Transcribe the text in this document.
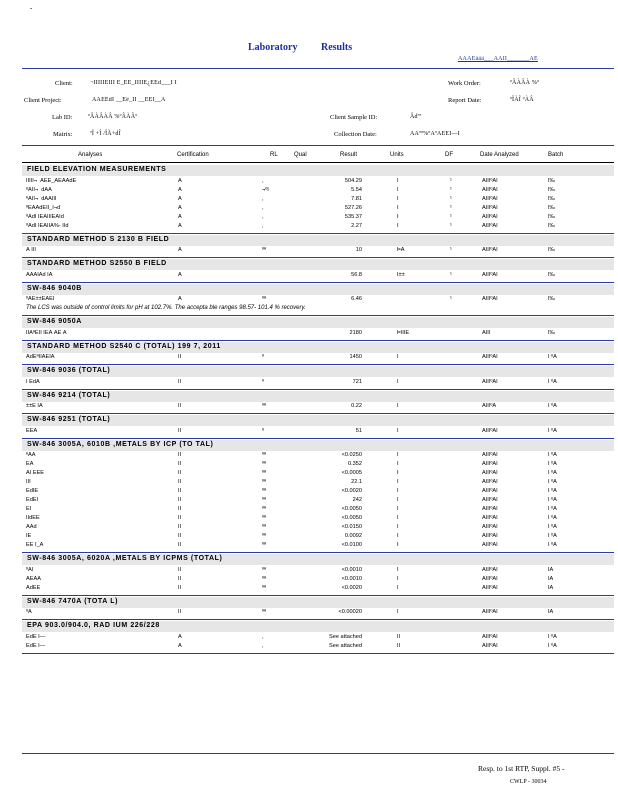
-
Laboratory Results
ÂÂÂÉâââ___ÂÃÎÎ_______ÂÊ
Client:	¬ÎÎÎÎÌÉÎÎÎ Ê_ÊÊ_ÎÎÎÎÉ¿ÈÊd___Î Î
Client Project:	ÂÃÊÊdÎ __Éê_ÎÎ __ÉÈÎ__Â
Lab ID:	ºÂÀÂÀÂ %ºÂÀÂº
Matrix:	ªÎ +Î /ÎÃ+dÎ
Work Order:	ºÂÀÂÀ %º
Report Date:	ºÎÀÎ ºÀÂ
Client Sample ID:	Âdªª
Collection Date:	ÂÀºº%ºÂºÂÈÈÎ—Î
Analyses	Certification	RL	Qual	Result	Units	DF	Date Analyzed	Batch
FIELD ELEVATION MEASUREMENTS
ÎÎÎÎÎ¬¯ÂÈÉ_ÂÊÂÀdÉ	Â	,	504.29	Î	¹	ÀÎÎÎºÀÎ	Î‰
ºÂÎÎ¬¯dÂÂ	Â	¬ºÎ	5.54	Î	¹	ÀÎÎÎºÀÎ	Î‰
ºÂÎÎ¬¯dÂÂÎÎÎ	Â	,	7.81	Î	¹	ÀÎÎÎºÀÎ	Î‰
ºÈÂÂdÉÎÎ_Î¬d	Â	,	527.26	Î	¹	ÀÎÎÎºÀÎ	Î‰
ºÂdÎ ÎÊÀÎÎÎÊÂÎd	Â	,	535.37	Î	¹	ÀÎÎÎºÀÎ	Î‰
ºÂdÎ ÎÊÂÎÎÂ%- ÎÎd	Â	,	2.27	Î	¹	ÀÎÎÎºÀÎ	Î‰
STANDARD METHOD S 2130 B FIELD
Â ÎÎÎ	Â	ºª	10	ÞÂ	¹	ÀÎÎÎºÀÎ	Î‰
STANDARD METHOD S2550 B FIELD
ÂÂÂÎÂd ÎÂ	Â	56.8	Î±±	¹	ÀÎÎÎºÀÎ	Î‰
SW-846 9040B
ºÃÉ±±ÉÂÊÎ	Â	ºª	6.46	¹	ÀÎÎÎºÀÎ	Î‰
The LCS was outside of control limits for pH at 102.7%. The accepta ble ranges 98.57- 101.4 % recovery.
SW-846 9050A
ÎÎÂªÉÎÎ ÎÈÂ ÂÉ Â	2180	ÞÎÎÎÊ	ÀÎÎÎ	Î‰
STANDARD METHOD S2540 C (TOTAL) 199 7, 2011
ÂdÉªÎÎÂÉÎÂ	ÎÎ	º	1450	Î	ÀÎÎÎºÀÎ	Î ºÂ
SW-846 9036 (TOTAL)
Î ÊdÂ	ÎÎ	º	721	Î	ÀÎÎÎºÀÎ	Î ºÂ
SW-846 9214 (TOTAL)
±±Ê ÎÂ	ÎÎ	ºª	0.22	Î	ÀÎÎÎºÀ	Î ºÂ
SW-846 9251 (TOTAL)
ÊÉÂ	ÎÎ	º	51	Î	ÀÎÎÎºÀÎ	Î ºÂ
SW-846 3005A, 6010B ,METALS BY ICP (TO TAL)
ºÂÂ	ÎÎ	ºª	<0.0250	Î	ÀÎÎÎºÀÎ	Î ºÂ
ÉÂ	ÎÎ	ºª	0.352	Î	ÀÎÎÎºÀÎ	Î ºÂ
ÂÎ ÈÉÉ	ÎÎ	ºª	<0.0005	Î	ÀÎÎÎºÀÎ	Î ºÂ
ÎÎÎ	ÎÎ	ºª	22.1	Î	ÀÎÎÎºÀÎ	Î ºÂ
ÉdÎÉ	ÎÎ	ºª	<0.0020	Î	ÀÎÎÎºÀÎ	Î ºÂ
ÉdÉÎ	ÎÎ	ºª	242	Î	ÀÎÎÎºÀÎ	Î ºÂ
ÉÎ	ÎÎ	ºª	<0.0050	Î	ÀÎÎÎºÀÎ	Î ºÂ
ÎÎdÉÉ	ÎÎ	ºª	<0.0050	Î	ÀÎÎÎºÀÎ	Î ºÂ
ÂÀd	ÎÎ	ºª	<0.0150	Î	ÀÎÎÎºÀÎ	Î ºÂ
ÎÉ	ÎÎ	ºª	0.0092	Î	ÀÎÎÎºÀÎ	Î ºÂ
ÉÊ Î_Â	ÎÎ	ºª	<0.0100	Î	ÀÎÎÎºÀÎ	Î ºÂ
SW-846 3005A, 6020A ,METALS BY ICPMS (TOTAL)
ºÂÎ	ÎÎ	ºª	<0.0010	Î	ÀÎÎÎºÀÎ	ÎÂ
ÂÉÂÂ	ÎÎ	ºª	<0.0010	Î	ÀÎÎÎºÀÎ	ÎÂ
ÂdÉÉ	ÎÎ	ºª	<0.0020	Î	ÀÎÎÎºÀÎ	ÎÂ
SW-846 7470A (TOTA L)
ºÂ	ÎÎ	ºª	<0.00020	Î	ÀÎÎÎºÀÎ	ÎÂ
EPA 903.0/904.0, RAD IUM 226/228
ÉdÉ Î—	Â	,	See attached	ÎÎ	ÀÎÎÎºÀÎ	Î ºÂ
ÉdÉ Î—	Â	,	See attached	ÎÎ	ÀÎÎÎºÀÎ	Î ºÂ
Resp. to 1st RTP, Suppl. #5 -
CWLP - 30034
